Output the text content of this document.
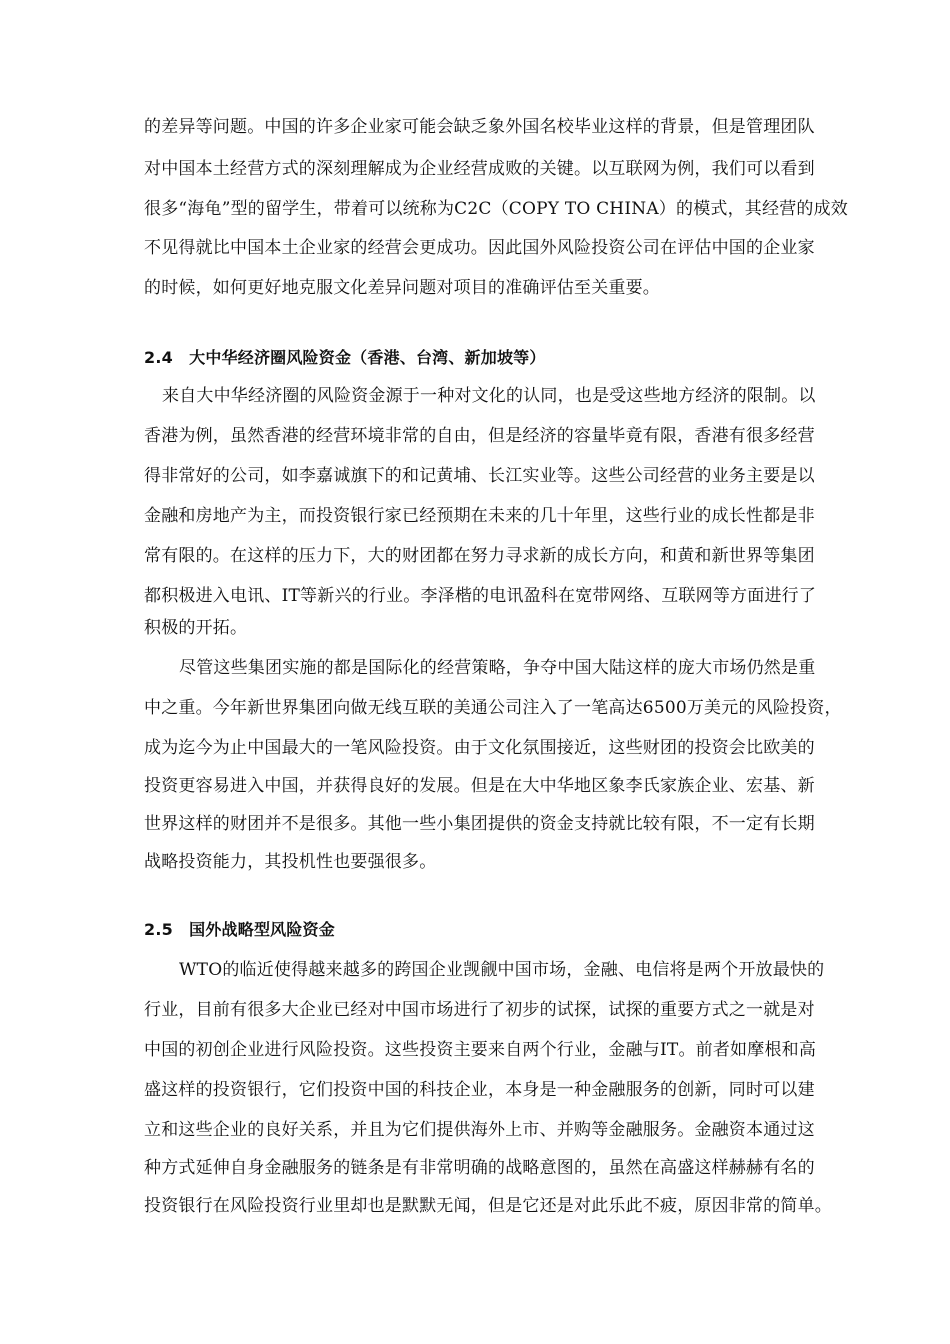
的差异等问题。中国的许多企业家可能会缺乏象外国名校毕业这样的背景，但是管理团队
对中国本土经营方式的深刻理解成为企业经营成败的关键。以互联网为例，我们可以看到
很多“海龟”型的留学生，带着可以统称为C2C（COPY TO CHINA）的模式，其经营的成效
不见得就比中国本土企业家的经营会更成功。因此国外风险投资公司在评估中国的企业家
的时候，如何更好地克服文化差异问题对项目的准确评估至关重要。
2.4　大中华经济圈风险资金（香港、台湾、新加坡等）
来自大中华经济圈的风险资金源于一种对文化的认同，也是受这些地方经济的限制。以
香港为例，虽然香港的经营环境非常的自由，但是经济的容量毕竟有限，香港有很多经营
得非常好的公司，如李嘉诚旗下的和记黄埔、长江实业等。这些公司经营的业务主要是以
金融和房地产为主，而投资银行家已经预期在未来的几十年里，这些行业的成长性都是非
常有限的。在这样的压力下，大的财团都在努力寻求新的成长方向，和黄和新世界等集团
都积极进入电讯、IT等新兴的行业。李泽楷的电讯盈科在宽带网络、互联网等方面进行了
积极的开拓。
尽管这些集团实施的都是国际化的经营策略，争夺中国大陆这样的庞大市场仍然是重
中之重。今年新世界集团向做无线互联的美通公司注入了一笔高达6500万美元的风险投资，
成为迄今为止中国最大的一笔风险投资。由于文化氛围接近，这些财团的投资会比欧美的
投资更容易进入中国，并获得良好的发展。但是在大中华地区象李氏家族企业、宏基、新
世界这样的财团并不是很多。其他一些小集团提供的资金支持就比较有限，不一定有长期
战略投资能力，其投机性也要强很多。
2.5　国外战略型风险资金
WTO的临近使得越来越多的跨国企业觊觎中国市场，金融、电信将是两个开放最快的
行业，目前有很多大企业已经对中国市场进行了初步的试探，试探的重要方式之一就是对
中国的初创企业进行风险投资。这些投资主要来自两个行业，金融与IT。前者如摩根和高
盛这样的投资银行，它们投资中国的科技企业，本身是一种金融服务的创新，同时可以建
立和这些企业的良好关系，并且为它们提供海外上市、并购等金融服务。金融资本通过这
种方式延伸自身金融服务的链条是有非常明确的战略意图的，虽然在高盛这样赫赫有名的
投资银行在风险投资行业里却也是默默无闻，但是它还是对此乐此不疲，原因非常的简单。
